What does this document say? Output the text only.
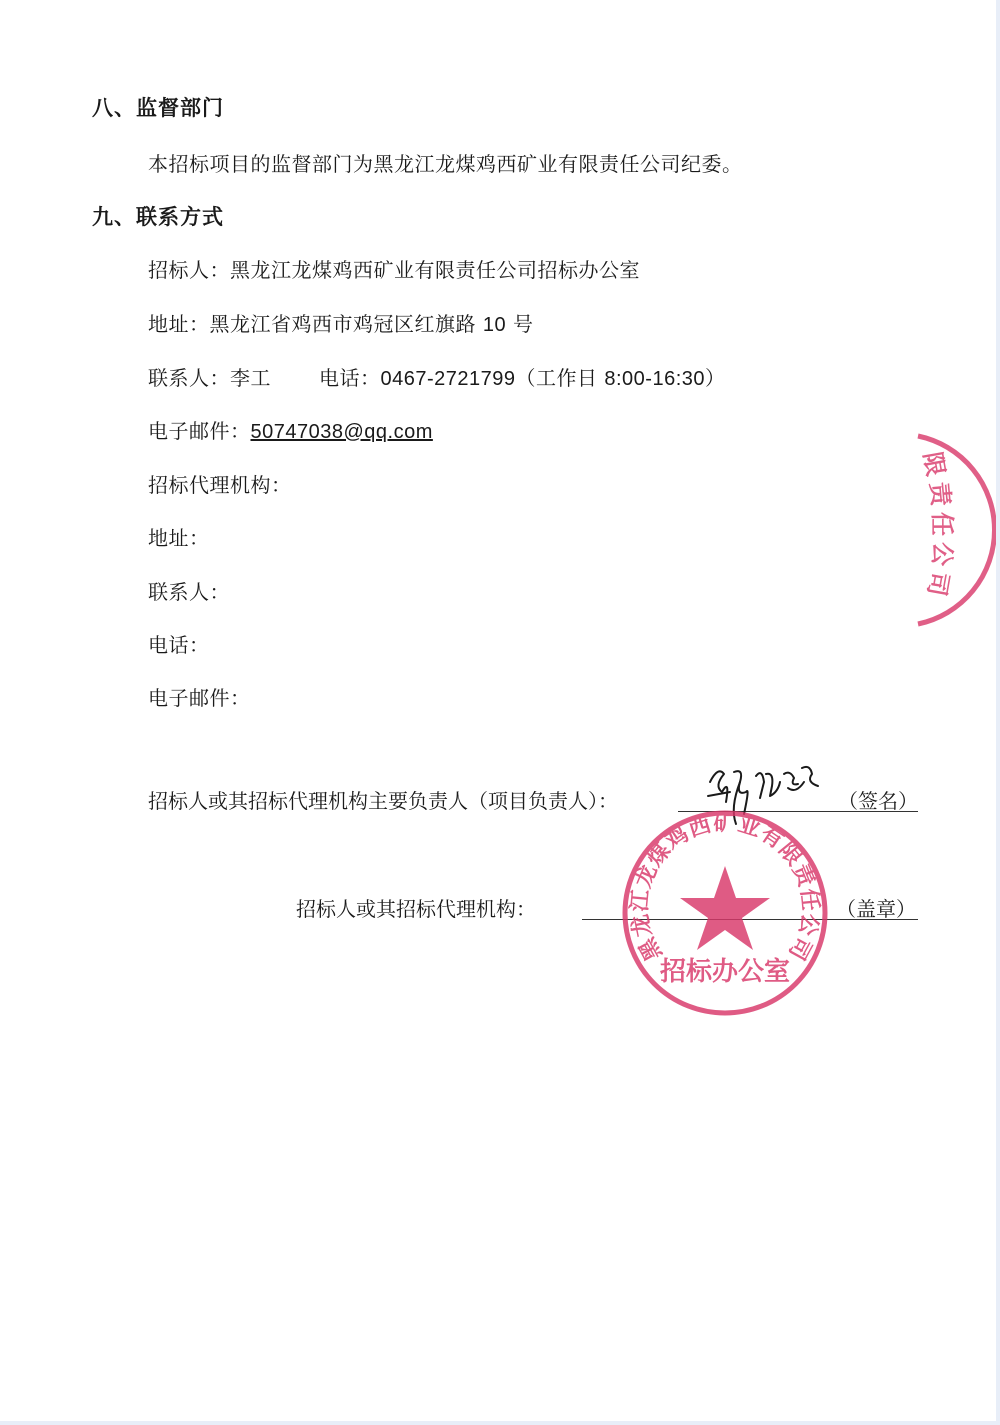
八、监督部门
本招标项目的监督部门为黑龙江龙煤鸡西矿业有限责任公司纪委。
九、联系方式
招标人：黑龙江龙煤鸡西矿业有限责任公司招标办公室
地址：黑龙江省鸡西市鸡冠区红旗路 10 号
联系人：李工 电话：0467-2721799（工作日 8:00-16:30）
电子邮件：50747038@qq.com
招标代理机构：
地址：
联系人：
电话：
电子邮件：
招标人或其招标代理机构主要负责人（项目负责人）：	（签名）
招标人或其招标代理机构：	（盖章）
黑龙江龙煤鸡西矿业有限责任公司
招标办公室
限
责
任
公
司
